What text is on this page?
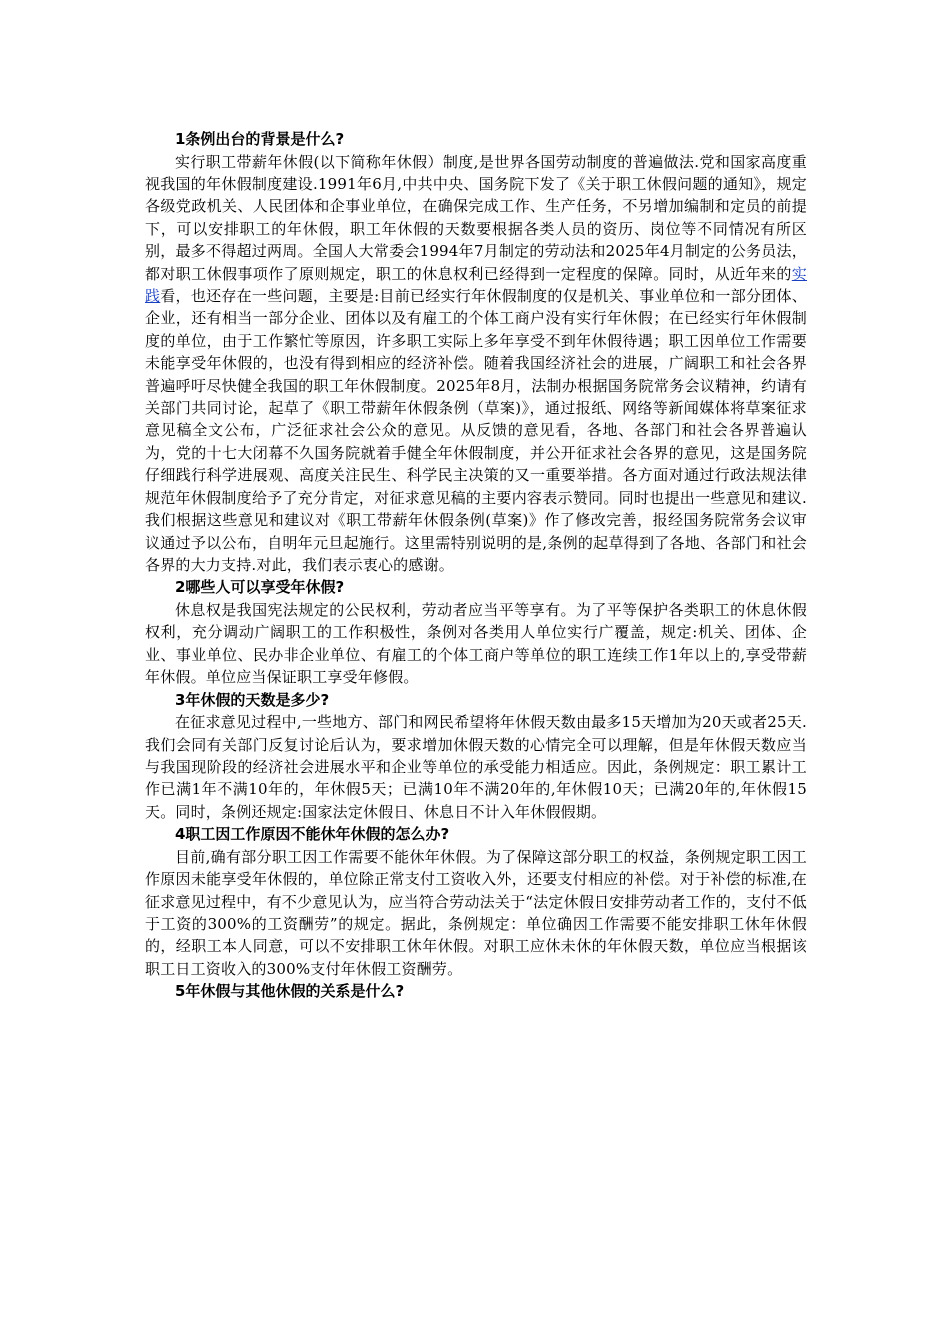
1条例出台的背景是什么?

实行职工带薪年休假(以下简称年休假）制度,是世界各国劳动制度的普遍做法.党和国家高度重视我国的年休假制度建设.1991年6月,中共中央、国务院下发了《关于职工休假问题的通知》，规定各级党政机关、人民团体和企事业单位，在确保完成工作、生产任务，不另增加编制和定员的前提下，可以安排职工的年休假，职工年休假的天数要根据各类人员的资历、岗位等不同情况有所区别，最多不得超过两周。全国人大常委会1994年7月制定的劳动法和2025年4月制定的公务员法，都对职工休假事项作了原则规定，职工的休息权利已经得到一定程度的保障。同时，从近年来的实践看，也还存在一些问题，主要是:目前已经实行年休假制度的仅是机关、事业单位和一部分团体、企业，还有相当一部分企业、团体以及有雇工的个体工商户没有实行年休假；在已经实行年休假制度的单位，由于工作繁忙等原因，许多职工实际上多年享受不到年休假待遇；职工因单位工作需要未能享受年休假的，也没有得到相应的经济补偿。随着我国经济社会的进展，广阔职工和社会各界普遍呼吁尽快健全我国的职工年休假制度。2025年8月，法制办根据国务院常务会议精神，约请有关部门共同讨论，起草了《职工带薪年休假条例（草案)》，通过报纸、网络等新闻媒体将草案征求意见稿全文公布，广泛征求社会公众的意见。从反馈的意见看，各地、各部门和社会各界普遍认为，党的十七大闭幕不久国务院就着手健全年休假制度，并公开征求社会各界的意见，这是国务院仔细践行科学进展观、高度关注民生、科学民主决策的又一重要举措。各方面对通过行政法规法律规范年休假制度给予了充分肯定，对征求意见稿的主要内容表示赞同。同时也提出一些意见和建议.我们根据这些意见和建议对《职工带薪年休假条例(草案)》作了修改完善，报经国务院常务会议审议通过予以公布，自明年元旦起施行。这里需特别说明的是,条例的起草得到了各地、各部门和社会各界的大力支持.对此，我们表示衷心的感谢。

2哪些人可以享受年休假?

休息权是我国宪法规定的公民权利，劳动者应当平等享有。为了平等保护各类职工的休息休假权利，充分调动广阔职工的工作积极性，条例对各类用人单位实行广覆盖，规定:机关、团体、企业、事业单位、民办非企业单位、有雇工的个体工商户等单位的职工连续工作1年以上的,享受带薪年休假。单位应当保证职工享受年修假。

3年休假的天数是多少?

在征求意见过程中,一些地方、部门和网民希望将年休假天数由最多15天增加为20天或者25天.我们会同有关部门反复讨论后认为，要求增加休假天数的心情完全可以理解，但是年休假天数应当与我国现阶段的经济社会进展水平和企业等单位的承受能力相适应。因此，条例规定：职工累计工作已满1年不满10年的，年休假5天；已满10年不满20年的,年休假10天；已满20年的,年休假15天。同时，条例还规定:国家法定休假日、休息日不计入年休假假期。

4职工因工作原因不能休年休假的怎么办?

目前,确有部分职工因工作需要不能休年休假。为了保障这部分职工的权益，条例规定职工因工作原因未能享受年休假的，单位除正常支付工资收入外，还要支付相应的补偿。对于补偿的标准,在征求意见过程中，有不少意见认为，应当符合劳动法关于“法定休假日安排劳动者工作的，支付不低于工资的300%的工资酬劳”的规定。据此，条例规定：单位确因工作需要不能安排职工休年休假的，经职工本人同意，可以不安排职工休年休假。对职工应休未休的年休假天数，单位应当根据该职工日工资收入的300%支付年休假工资酬劳。

5年休假与其他休假的关系是什么?
